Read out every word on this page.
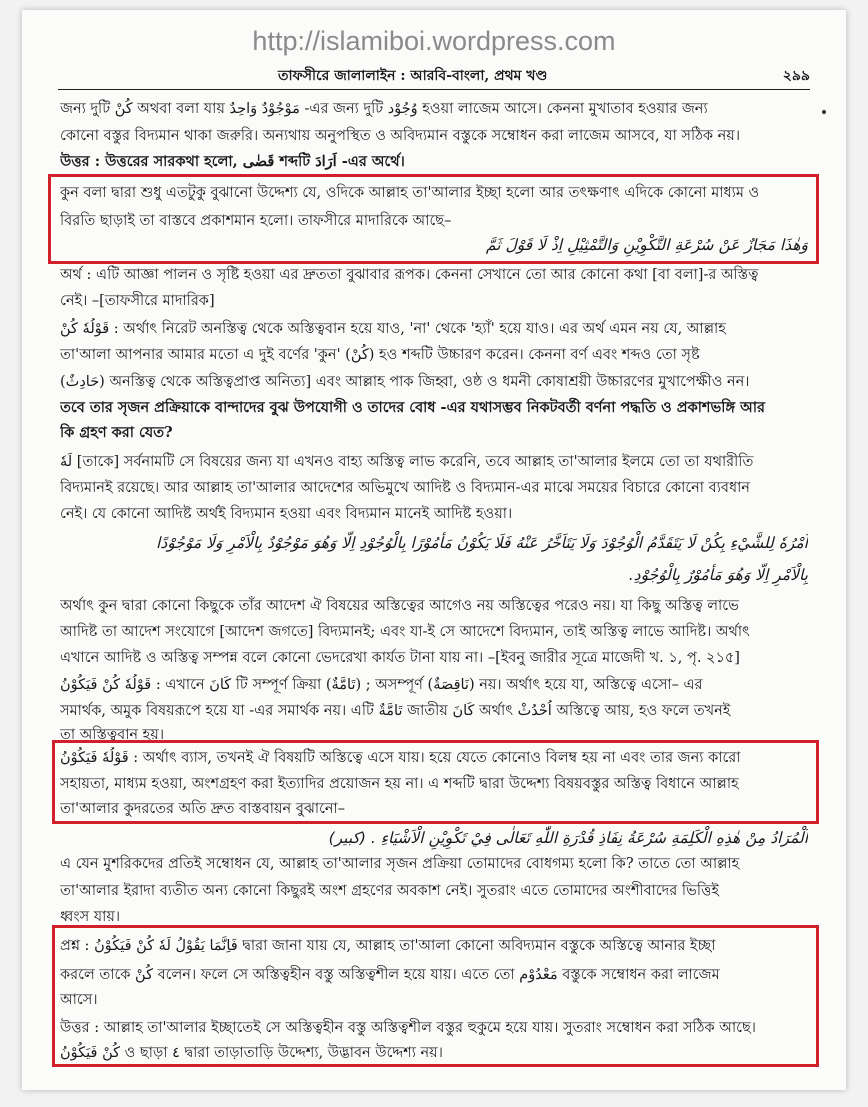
http://islamiboi.wordpress.com
তাফসীরে জালালাইন : আরবি-বাংলা, প্রথম খণ্ড	২৯৯
জন্য দুটি كُنْ অথবা বলা যায় مَوْجُوْدٌ وَاحِدٌ -এর জন্য দুটি وُجُوْد হওয়া লাজেম আসে। কেননা মুখাতাব হওয়ার জন্য
কোনো বস্তুর বিদ্যমান থাকা জরুরি। অন্যথায় অনুপস্থিত ও অবিদ্যমান বস্তুকে সম্বোধন করা লাজেম আসবে, যা সঠিক নয়।
উত্তর : উত্তরের সারকথা হলো, قَضٰى শব্দটি اَرَادَ -এর অর্থে।
কুন বলা দ্বারা শুধু এতটুকু বুঝানো উদ্দেশ্য যে, ওদিকে আল্লাহ তা'আলার ইচ্ছা হলো আর তৎক্ষণাৎ এদিকে কোনো মাধ্যম ও
বিরতি ছাড়াই তা বাস্তবে প্রকাশমান হলো। তাফসীরে মাদারিকে আছে–
وَهٰذَا مَجَازٌ عَنْ سُرْعَةِ التَّكْوِيْنِ وَالتَّمْثِيْلِ اِذْ لَا قَوْلَ ثَمَّ
অর্থ : এটি আজ্ঞা পালন ও সৃষ্টি হওয়া এর দ্রুততা বুঝাবার রূপক। কেননা সেখানে তো আর কোনো কথা [বা বলা]-র অস্তিত্ব
নেই। –[তাফসীরে মাদারিক]
قَوْلُهٗ كُنْ : অর্থাৎ নিরেট অনস্তিত্ব থেকে অস্তিত্ববান হয়ে যাও, 'না' থেকে 'হ্যাঁ' হয়ে যাও। এর অর্থ এমন নয় যে, আল্লাহ
তা'আলা আপনার আমার মতো এ দুই বর্ণের 'কুন' (كُنْ) হও শব্দটি উচ্চারণ করেন। কেননা বর্ণ এবং শব্দও তো সৃষ্ট
(حَادِثٌ) অনস্তিত্ব থেকে অস্তিত্বপ্রাপ্ত অনিত্য] এবং আল্লাহ পাক জিহ্বা, ওষ্ঠ ও ধমনী কোষাশ্রয়ী উচ্চারণের মুখাপেক্ষীও নন।
তবে তার সৃজন প্রক্রিয়াকে বান্দাদের বুঝ উপযোগী ও তাদের বোধ -এর যথাসম্ভব নিকটবর্তী বর্ণনা পদ্ধতি ও প্রকাশভঙ্গি আর
কি গ্রহণ করা যেত?
لَهٗ [তাকে] সর্বনামটি সে বিষয়ের জন্য যা এখনও বাহ্য অস্তিত্ব লাভ করেনি, তবে আল্লাহ তা'আলার ইলমে তো তা যথারীতি
বিদ্যমানই রয়েছে। আর আল্লাহ তা'আলার আদেশের অভিমুখে আদিষ্ট ও বিদ্যমান-এর মাঝে সময়ের বিচারে কোনো ব্যবধান
নেই। যে কোনো আদিষ্ট অর্থই বিদ্যমান হওয়া এবং বিদ্যমান মানেই আদিষ্ট হওয়া।
اَمْرُهٗ لِلشَّيْءِ بِكُنْ لَا يَتَقَدَّمُ الْوُجُوْدَ وَلَا يَتَاَخَّرُ عَنْهُ فَلَا يَكُوْنُ مَأْمُوْرًا بِالْوُجُوْدِ اِلَّا وَهُوَ مَوْجُوْدٌ بِالْاَمْرِ وَلَا مَوْجُوْدًا
بِالْاَمْرِ اِلَّا وَهُوَ مَأْمُوْرٌ بِالْوُجُوْدِ.
অর্থাৎ কুন দ্বারা কোনো কিছুকে তাঁর আদেশ ঐ বিষয়ের অস্তিত্বের আগেও নয় অস্তিত্বের পরেও নয়। যা কিছু অস্তিত্ব লাভে
আদিষ্ট তা আদেশ সংযোগে [আদেশ জগতে] বিদ্যমানই; এবং যা-ই সে আদেশে বিদ্যমান, তাই অস্তিত্ব লাভে আদিষ্ট। অর্থাৎ
এখানে আদিষ্ট ও অস্তিত্ব সম্পন্ন বলে কোনো ভেদরেখা কার্যত টানা যায় না। –[ইবনু জারীর সূত্রে মাজেদী খ. ১, পৃ. ২১৫]
قَوْلُهٗ كُنْ فَيَكُوْنُ : এখানে كَانَ টি সম্পূর্ণ ক্রিয়া (تَامَّةٌ) ; অসম্পূর্ণ (نَاقِصَةٌ) নয়। অর্থাৎ হয়ে যা, অস্তিত্বে এসো– এর
সমার্থক, অমুক বিষয়রূপে হয়ে যা -এর সমার্থক নয়। এটি تَامَّةٌ জাতীয় كَانَ অর্থাৎ اُحْدُثْ অস্তিত্বে আয়, হও ফলে তখনই
তা অস্তিত্ববান হয়।
قَوْلُهٗ فَيَكُوْنُ : অর্থাৎ ব্যাস, তখনই ঐ বিষয়টি অস্তিত্বে এসে যায়। হয়ে যেতে কোনোও বিলম্ব হয় না এবং তার জন্য কারো
সহায়তা, মাধ্যম হওয়া, অংশগ্রহণ করা ইত্যাদির প্রয়োজন হয় না। এ শব্দটি দ্বারা উদ্দেশ্য বিষয়বস্তুর অস্তিত্ব বিধানে আল্লাহ
তা'আলার কুদরতের অতি দ্রুত বাস্তবায়ন বুঝানো–
اَلْمُرَادُ مِنْ هٰذِهِ الْكَلِمَةِ سُرْعَةُ نِفَاذِ قُدْرَةِ اللّٰهِ تَعَالٰى فِيْ تَكْوِيْنِ الْاَشْيَاءِ . (كبير)
এ যেন মুশরিকদের প্রতিই সম্বোধন যে, আল্লাহ তা'আলার সৃজন প্রক্রিয়া তোমাদের বোধগম্য হলো কি? তাতে তো আল্লাহ
তা'আলার ইরাদা ব্যতীত অন্য কোনো কিছুরই অংশ গ্রহণের অবকাশ নেই। সুতরাং এতে তোমাদের অংশীবাদের ভিত্তিই
ধ্বংস যায়।
প্রশ্ন : فَاِنَّمَا يَقُوْلُ لَهٗ كُنْ فَيَكُوْنُ দ্বারা জানা যায় যে, আল্লাহ তা'আলা কোনো অবিদ্যমান বস্তুকে অস্তিত্বে আনার ইচ্ছা
করলে তাকে كُنْ বলেন। ফলে সে অস্তিত্বহীন বস্তু অস্তিত্বশীল হয়ে যায়। এতে তো مَعْدُوْم বস্তুকে সম্বোধন করা লাজেম
আসে।
উত্তর : আল্লাহ তা'আলার ইচ্ছাতেই সে অস্তিত্বহীন বস্তু অস্তিত্বশীল বস্তুর হুকুমে হয়ে যায়। সুতরাং সম্বোধন করা সঠিক আছে।
كُنْ فَيَكُوْنُ ও ছাড়া ٤ দ্বারা তাড়াতাড়ি উদ্দেশ্য, উদ্ভাবন উদ্দেশ্য নয়।
